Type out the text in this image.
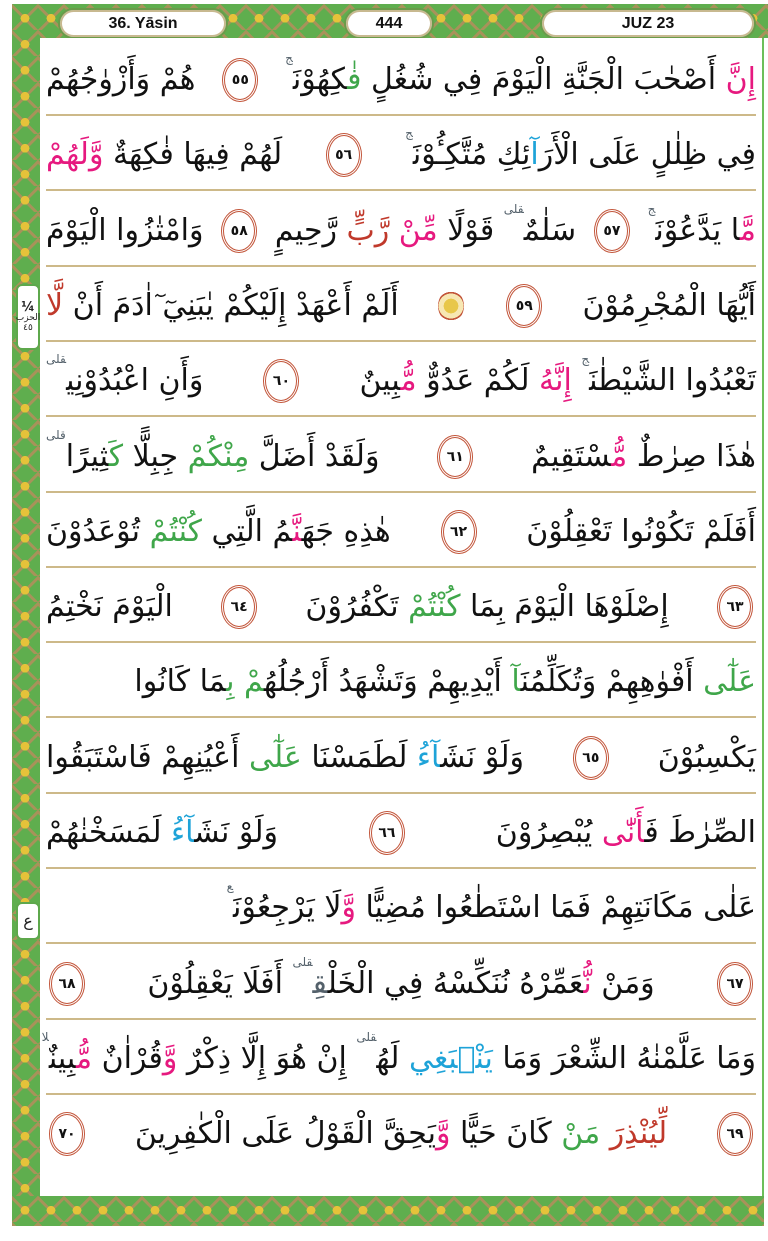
36. Yāsin	444	JUZ 23
¼
الحزب
٤٥
ع
إِنَّ أَصْحٰبَ الْجَنَّةِ الْيَوْمَ فِي شُغُلٍ فٰكِهُوْنَ$^ج$
٥٥
هُمْ وَأَزْوٰجُهُمْ
فِي ظِلٰلٍ عَلَى الْأَرَآئِكِ مُتَّكِـُٔوْنَ$^ج$
٥٦
لَهُمْ فِيهَا فٰكِهَةٌ وَّلَهُمْ
مَّا يَدَّعُوْنَ$^ج$
٥٧
سَلٰمٌ$^{قلى}$ قَوْلًا مِّنْ رَّبٍّ رَّحِيمٍ
٥٨
وَامْتٰزُوا الْيَوْمَ
أَيُّهَا الْمُجْرِمُوْنَ
٥٩
أَلَمْ أَعْهَدْ إِلَيْكُمْ يٰبَنِيٓ اٰدَمَ أَنْ لَّا
تَعْبُدُوا الشَّيْطٰنَ$^ج$ إِنَّهُ لَكُمْ عَدُوٌّ مُّبِينٌ
٦٠
وَأَنِ اعْبُدُوْنِي$^{قلى}$
هٰذَا صِرٰطٌ مُّسْتَقِيمٌ
٦١
وَلَقَدْ أَضَلَّ مِنْكُمْ جِبِلًّا كَثِيرًا$^{قلى}$
أَفَلَمْ تَكُوْنُوا تَعْقِلُوْنَ
٦٢
هٰذِهِ جَهَنَّمُ الَّتِي كُنْتُمْ تُوْعَدُوْنَ
٦٣
إِصْلَوْهَا الْيَوْمَ بِمَا كُنْتُمْ تَكْفُرُوْنَ
٦٤
الْيَوْمَ نَخْتِمُ
عَلٰٓى أَفْوٰهِهِمْ وَتُكَلِّمُنَآ أَيْدِيهِمْ وَتَشْهَدُ أَرْجُلُهُمْ بِمَا كَانُوا
يَكْسِبُوْنَ
٦٥
وَلَوْ نَشَآءُ لَطَمَسْنَا عَلٰٓى أَعْيُنِهِمْ فَاسْتَبَقُوا
الصِّرٰطَ فَأَنّٰى يُبْصِرُوْنَ
٦٦
وَلَوْ نَشَآءُ لَمَسَخْنٰهُمْ
عَلٰى مَكَانَتِهِمْ فَمَا اسْتَطٰعُوا مُضِيًّا وَّلَا يَرْجِعُوْنَ$^ع$
٦٧
وَمَنْ نُّعَمِّرْهُ نُنَكِّسْهُ فِي الْخَلْقِ$^{قلى}$ أَفَلَا يَعْقِلُوْنَ
٦٨
وَمَا عَلَّمْنٰهُ الشِّعْرَ وَمَا يَنْۢبَغِي لَهُ$^{قلى}$ إِنْ هُوَ إِلَّا ذِكْرٌ وَّقُرْاٰنٌ مُّبِينٌ$^{لا}$
٦٩
لِّيُنْذِرَ مَنْ كَانَ حَيًّا وَّيَحِقَّ الْقَوْلُ عَلَى الْكٰفِرِينَ
٧٠
